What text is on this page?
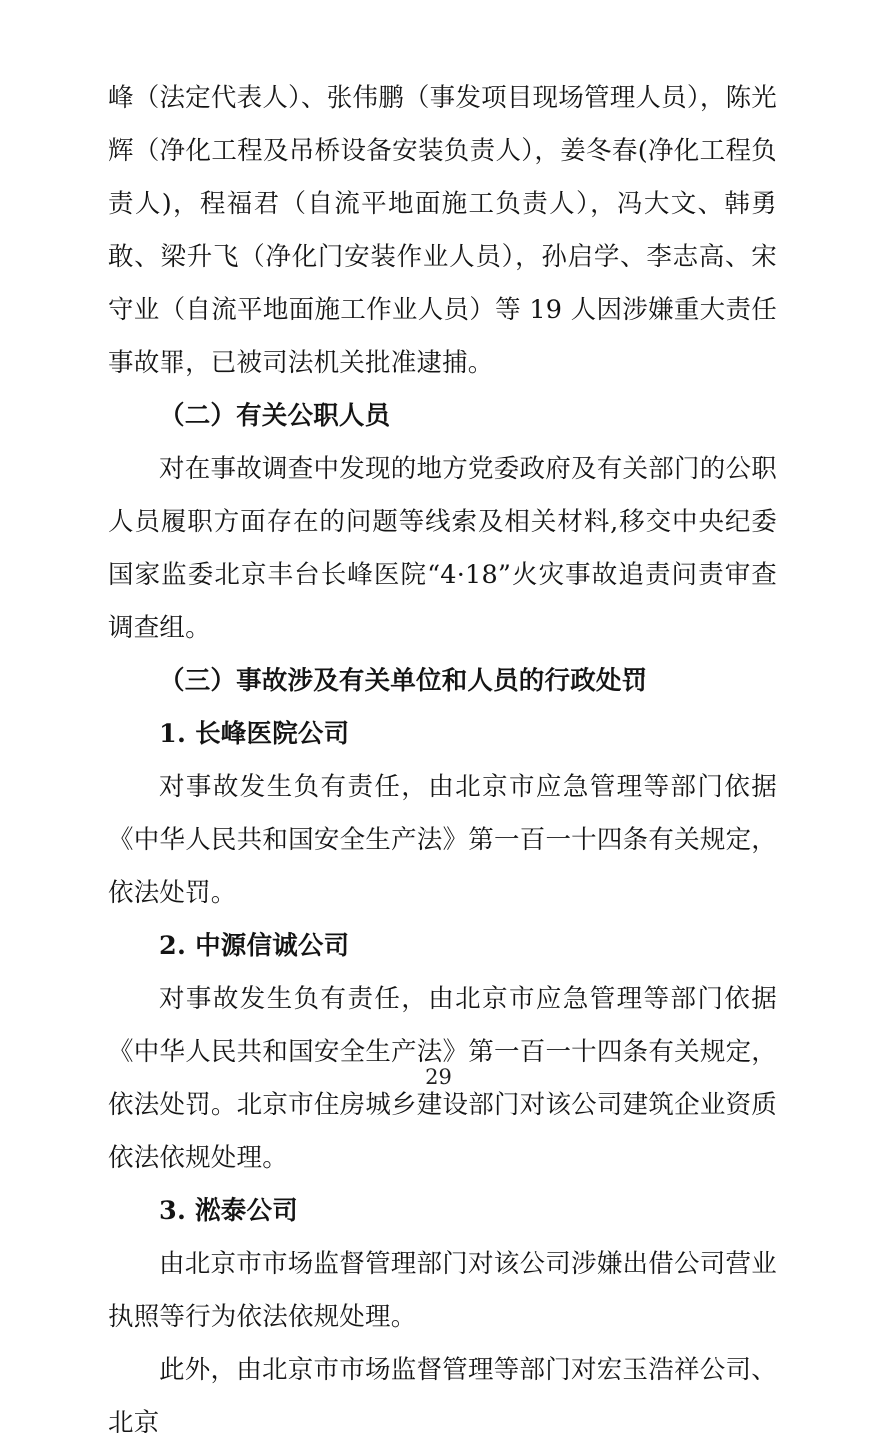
峰（法定代表人）、张伟鹏（事发项目现场管理人员），陈光辉（净化工程及吊桥设备安装负责人），姜冬春(净化工程负责人)，程福君（自流平地面施工负责人），冯大文、韩勇敢、梁升飞（净化门安装作业人员），孙启学、李志高、宋守业（自流平地面施工作业人员）等 19 人因涉嫌重大责任事故罪，已被司法机关批准逮捕。

（二）有关公职人员

对在事故调查中发现的地方党委政府及有关部门的公职人员履职方面存在的问题等线索及相关材料,移交中央纪委国家监委北京丰台长峰医院“4·18”火灾事故追责问责审查调查组。

（三）事故涉及有关单位和人员的行政处罚

1. 长峰医院公司

对事故发生负有责任，由北京市应急管理等部门依据《中华人民共和国安全生产法》第一百一十四条有关规定，依法处罚。

2. 中源信诚公司

对事故发生负有责任，由北京市应急管理等部门依据《中华人民共和国安全生产法》第一百一十四条有关规定，依法处罚。北京市住房城乡建设部门对该公司建筑企业资质依法依规处理。

3. 淞泰公司

由北京市市场监督管理部门对该公司涉嫌出借公司营业执照等行为依法依规处理。

此外，由北京市市场监督管理等部门对宏玉浩祥公司、北京

29
